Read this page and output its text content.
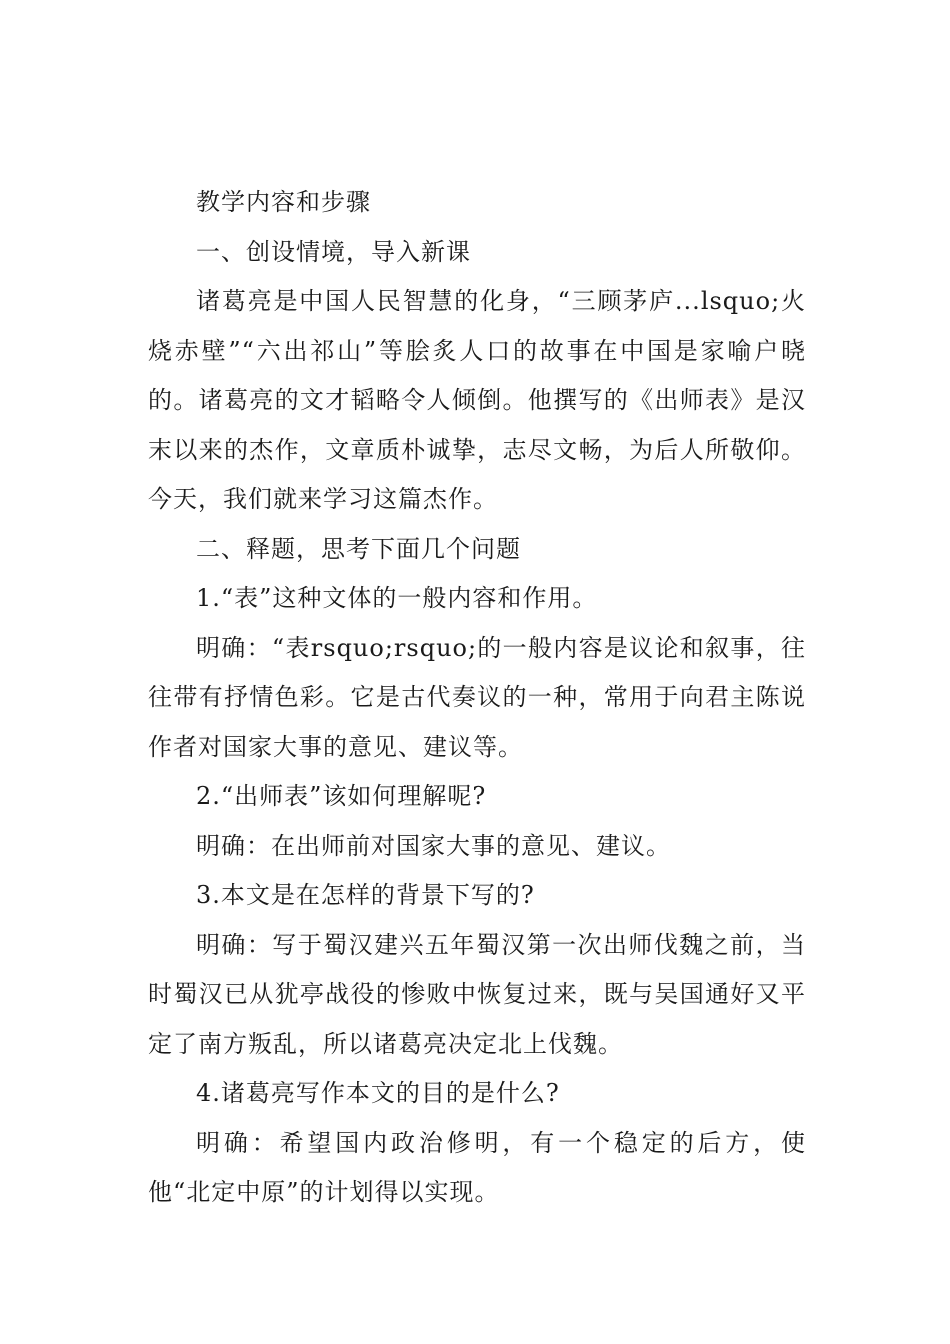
教学内容和步骤

一、创设情境，导入新课

诸葛亮是中国人民智慧的化身，“三顾茅庐...lsquo;火烧赤壁”“六出祁山”等脍炙人口的故事在中国是家喻户晓的。诸葛亮的文才韬略令人倾倒。他撰写的《出师表》是汉末以来的杰作，文章质朴诚挚，志尽文畅，为后人所敬仰。今天，我们就来学习这篇杰作。

二、释题，思考下面几个问题

1.“表”这种文体的一般内容和作用。

明确：“表rsquo;rsquo;的一般内容是议论和叙事，往往带有抒情色彩。它是古代奏议的一种，常用于向君主陈说作者对国家大事的意见、建议等。

2.“出师表”该如何理解呢?

明确：在出师前对国家大事的意见、建议。

3.本文是在怎样的背景下写的?

明确：写于蜀汉建兴五年蜀汉第一次出师伐魏之前，当时蜀汉已从犹亭战役的惨败中恢复过来，既与吴国通好又平定了南方叛乱，所以诸葛亮决定北上伐魏。

4.诸葛亮写作本文的目的是什么?

明确：希望国内政治修明，有一个稳定的后方，使他“北定中原”的计划得以实现。
